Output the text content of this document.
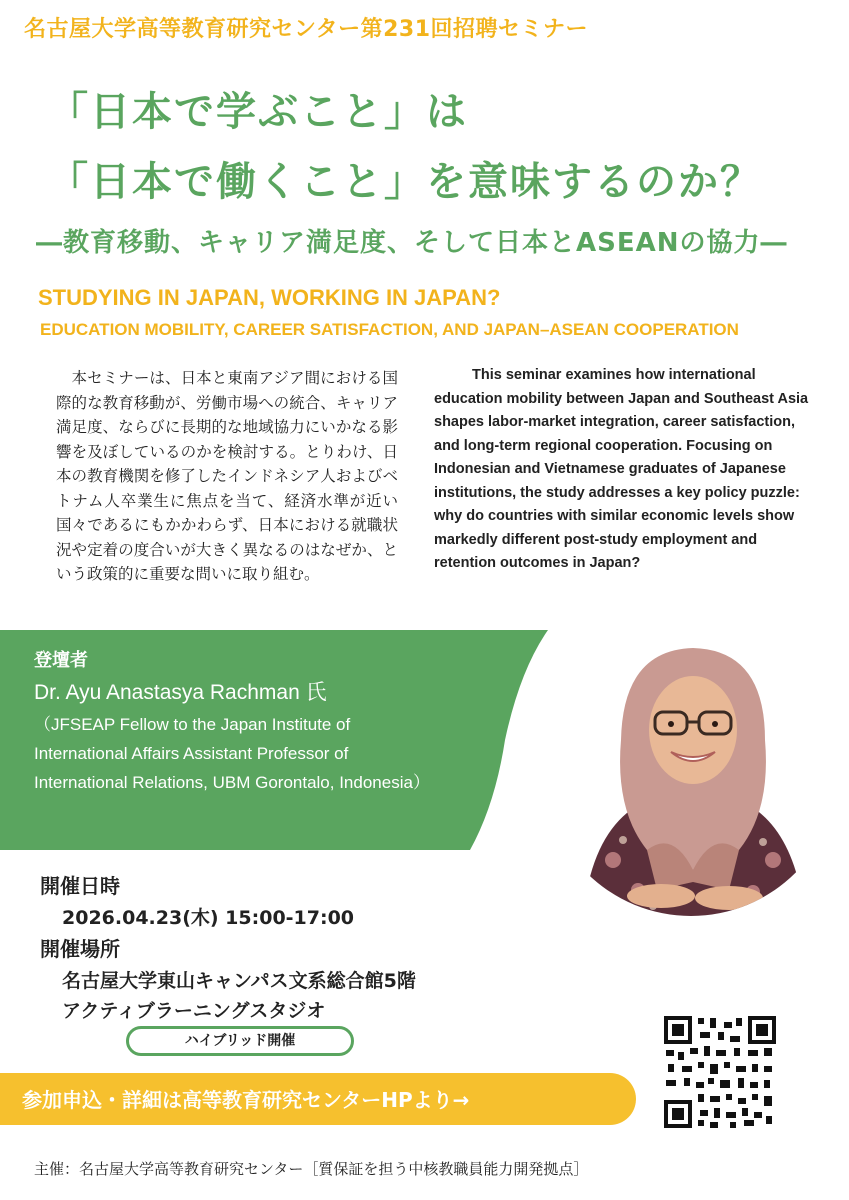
名古屋大学高等教育研究センター第231回招聘セミナー
「日本で学ぶこと」は
「日本で働くこと」を意味するのか？
―教育移動、キャリア満足度、そして日本とASEANの協力―
STUDYING IN JAPAN, WORKING IN JAPAN?
EDUCATION MOBILITY, CAREER SATISFACTION, AND JAPAN–ASEAN COOPERATION
本セミナーは、日本と東南アジア間における国際的な教育移動が、労働市場への統合、キャリア満足度、ならびに長期的な地域協力にいかなる影響を及ぼしているのかを検討する。とりわけ、日本の教育機関を修了したインドネシア人およびベトナム人卒業生に焦点を当て、経済水準が近い国々であるにもかかわらず、日本における就職状況や定着の度合いが大きく異なるのはなぜか、という政策的に重要な問いに取り組む。
This seminar examines how international education mobility between Japan and Southeast Asia shapes labor-market integration, career satisfaction, and long-term regional cooperation. Focusing on Indonesian and Vietnamese graduates of Japanese institutions, the study addresses a key policy puzzle: why do countries with similar economic levels show markedly different post-study employment and retention outcomes in Japan?
登壇者
Dr. Ayu Anastasya Rachman 氏
（JFSEAP Fellow to the Japan Institute of International Affairs Assistant Professor of International Relations, UBM Gorontalo, Indonesia）
開催日時
2026.04.23(木) 15:00-17:00
開催場所
名古屋大学東山キャンパス文系総合館5階
アクティブラーニングスタジオ
ハイブリッド開催
参加申込・詳細は高等教育研究センターHPより→
主催：名古屋大学高等教育研究センター［質保証を担う中核教職員能力開発拠点］
